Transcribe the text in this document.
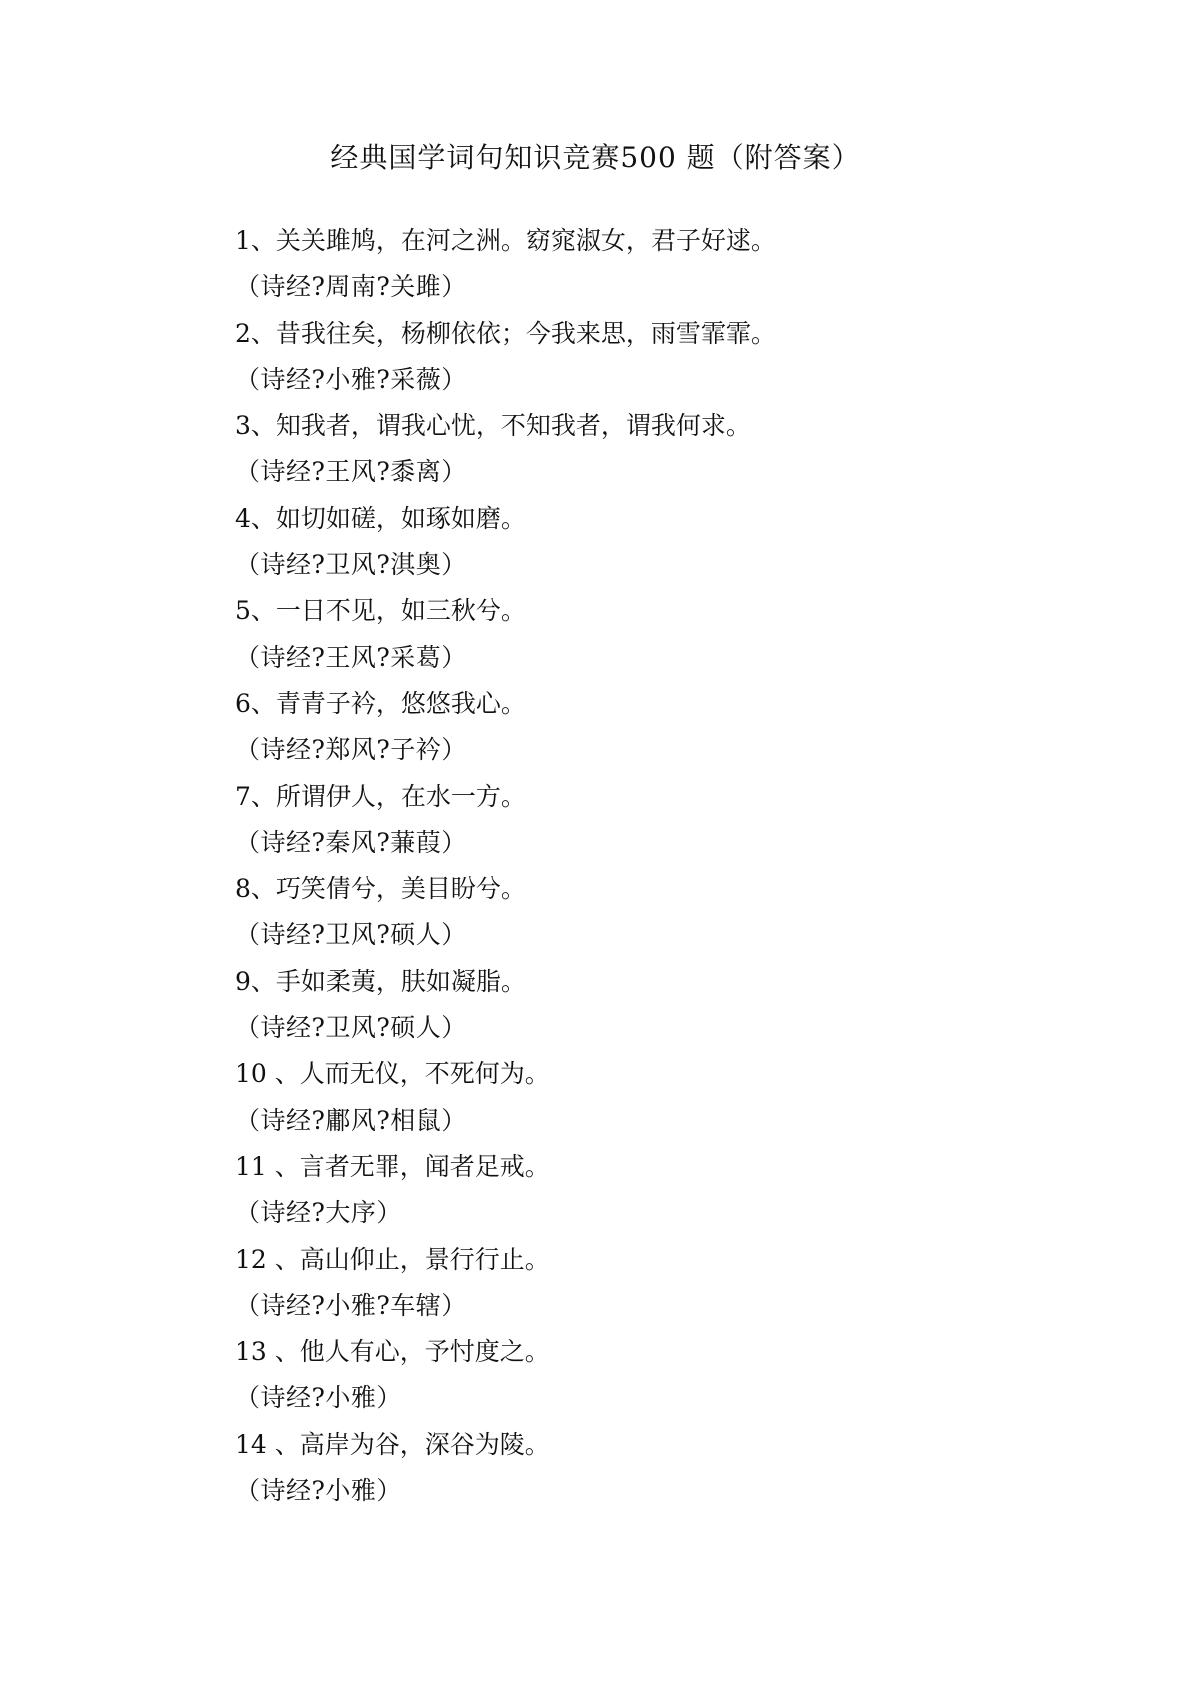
经典国学词句知识竞赛500 题（附答案）
1、关关雎鸠，在河之洲。窈窕淑女，君子好逑。
（诗经?周南?关雎）
2、昔我往矣，杨柳依依；今我来思，雨雪霏霏。
（诗经?小雅?采薇）
3、知我者，谓我心忧，不知我者，谓我何求。
（诗经?王风?黍离）
4、如切如磋，如琢如磨。
（诗经?卫风?淇奥）
5、一日不见，如三秋兮。
（诗经?王风?采葛）
6、青青子衿，悠悠我心。
（诗经?郑风?子衿）
7、所谓伊人，在水一方。
（诗经?秦风?蒹葭）
8、巧笑倩兮，美目盼兮。
（诗经?卫风?硕人）
9、手如柔荑，肤如凝脂。
（诗经?卫风?硕人）
10 、人而无仪，不死何为。
（诗经?鄘风?相鼠）
11 、言者无罪，闻者足戒。
（诗经?大序）
12 、高山仰止，景行行止。
（诗经?小雅?车辖）
13 、他人有心，予忖度之。
（诗经?小雅）
14 、高岸为谷，深谷为陵。
（诗经?小雅）
